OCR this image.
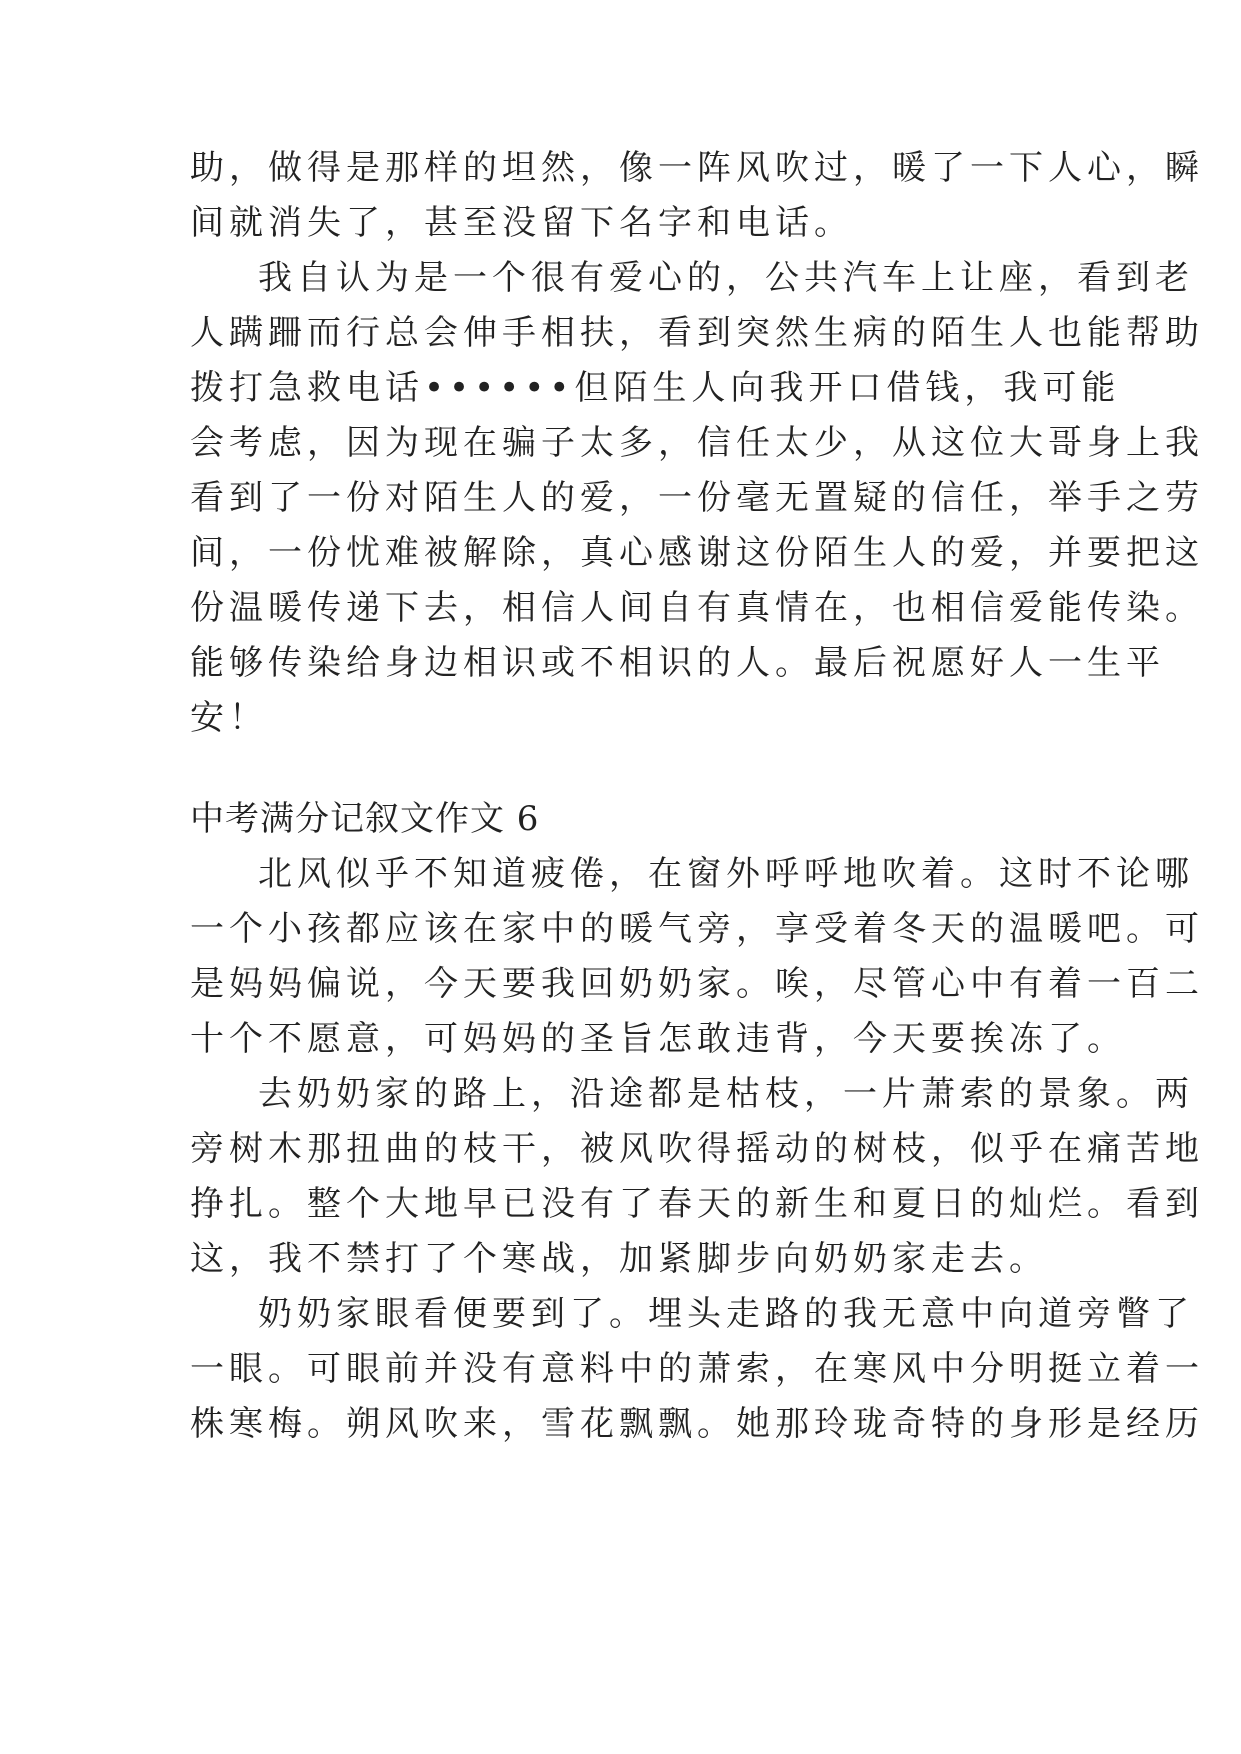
助，做得是那样的坦然，像一阵风吹过，暖了一下人心，瞬
间就消失了，甚至没留下名字和电话。
我自认为是一个很有爱心的，公共汽车上让座，看到老
人蹒跚而行总会伸手相扶，看到突然生病的陌生人也能帮助
拨打急救电话••••••但陌生人向我开口借钱，我可能
会考虑，因为现在骗子太多，信任太少，从这位大哥身上我
看到了一份对陌生人的爱，一份毫无置疑的信任，举手之劳
间，一份忧难被解除，真心感谢这份陌生人的爱，并要把这
份温暖传递下去，相信人间自有真情在，也相信爱能传染。
能够传染给身边相识或不相识的人。最后祝愿好人一生平
安！
中考满分记叙文作文 6
北风似乎不知道疲倦，在窗外呼呼地吹着。这时不论哪
一个小孩都应该在家中的暖气旁，享受着冬天的温暖吧。可
是妈妈偏说，今天要我回奶奶家。唉，尽管心中有着一百二
十个不愿意，可妈妈的圣旨怎敢违背，今天要挨冻了。
去奶奶家的路上，沿途都是枯枝，一片萧索的景象。两
旁树木那扭曲的枝干，被风吹得摇动的树枝，似乎在痛苦地
挣扎。整个大地早已没有了春天的新生和夏日的灿烂。看到
这，我不禁打了个寒战，加紧脚步向奶奶家走去。
奶奶家眼看便要到了。埋头走路的我无意中向道旁瞥了
一眼。可眼前并没有意料中的萧索，在寒风中分明挺立着一
株寒梅。朔风吹来，雪花飘飘。她那玲珑奇特的身形是经历
